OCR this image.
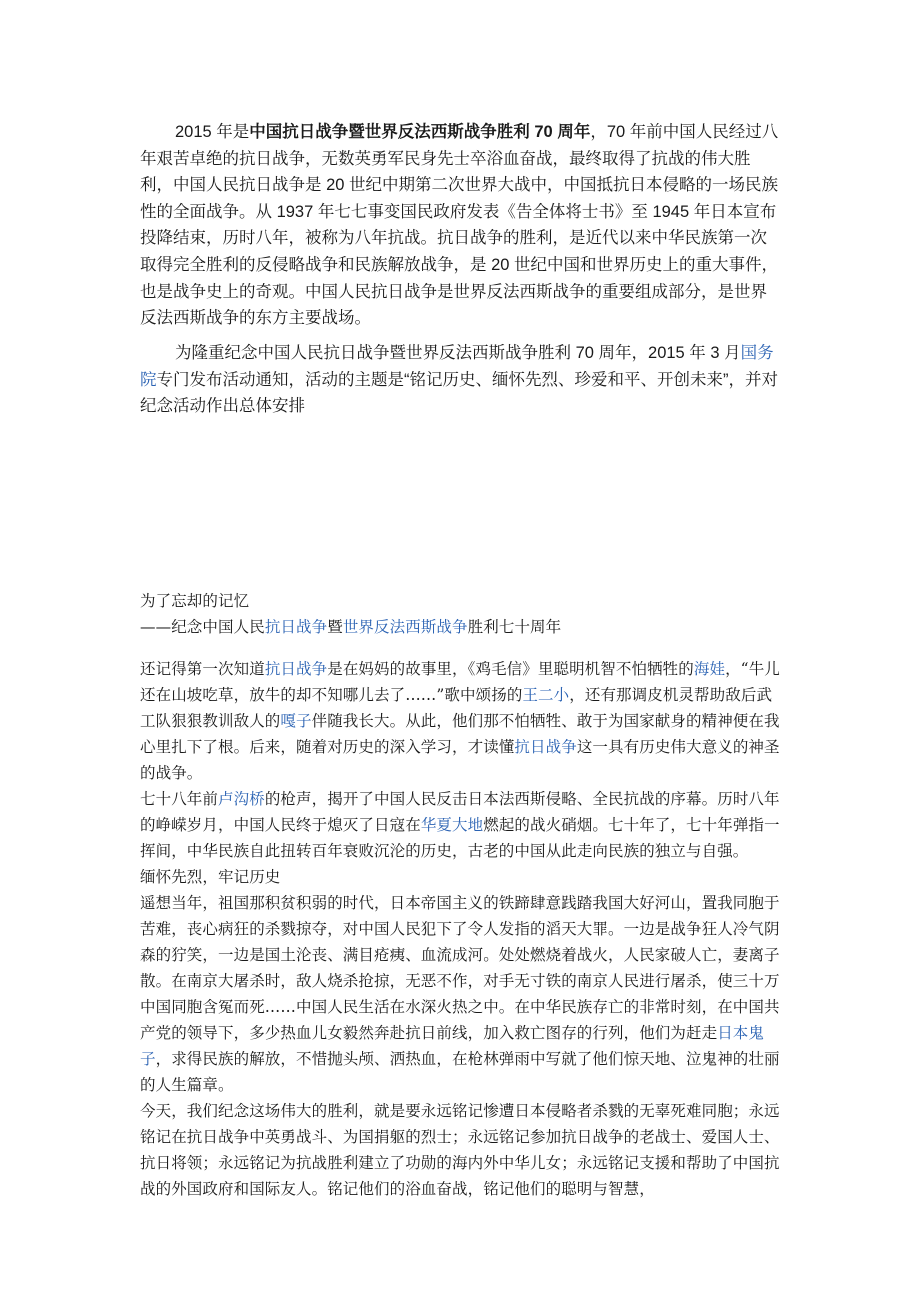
2015 年是中国抗日战争暨世界反法西斯战争胜利 70 周年，70 年前中国人民经过八年艰苦卓绝的抗日战争，无数英勇军民身先士卒浴血奋战，最终取得了抗战的伟大胜利，中国人民抗日战争是 20 世纪中期第二次世界大战中，中国抵抗日本侵略的一场民族性的全面战争。从 1937 年七七事变国民政府发表《告全体将士书》至 1945 年日本宣布投降结束，历时八年，被称为八年抗战。抗日战争的胜利，是近代以来中华民族第一次取得完全胜利的反侵略战争和民族解放战争，是 20 世纪中国和世界历史上的重大事件，也是战争史上的奇观。中国人民抗日战争是世界反法西斯战争的重要组成部分，是世界反法西斯战争的东方主要战场。

为隆重纪念中国人民抗日战争暨世界反法西斯战争胜利 70 周年，2015 年 3 月国务院专门发布活动通知，活动的主题是“铭记历史、缅怀先烈、珍爱和平、开创未来”，并对纪念活动作出总体安排

为了忘却的记忆
——纪念中国人民抗日战争暨世界反法西斯战争胜利七十周年

还记得第一次知道抗日战争是在妈妈的故事里，《鸡毛信》里聪明机智不怕牺牲的海娃，“牛儿还在山坡吃草，放牛的却不知哪儿去了……”歌中颂扬的王二小，还有那调皮机灵帮助敌后武工队狠狠教训敌人的嘎子伴随我长大。从此，他们那不怕牺牲、敢于为国家献身的精神便在我心里扎下了根。后来，随着对历史的深入学习，才读懂抗日战争这一具有历史伟大意义的神圣的战争。

七十八年前卢沟桥的枪声，揭开了中国人民反击日本法西斯侵略、全民抗战的序幕。历时八年的峥嵘岁月，中国人民终于熄灭了日寇在华夏大地燃起的战火硝烟。七十年了，七十年弹指一挥间，中华民族自此扭转百年衰败沉沦的历史，古老的中国从此走向民族的独立与自强。

缅怀先烈，牢记历史

遥想当年，祖国那积贫积弱的时代，日本帝国主义的铁蹄肆意践踏我国大好河山，置我同胞于苦难，丧心病狂的杀戮掠夺，对中国人民犯下了令人发指的滔天大罪。一边是战争狂人冷气阴森的狞笑，一边是国土沦丧、满目疮痍、血流成河。处处燃烧着战火，人民家破人亡，妻离子散。在南京大屠杀时，敌人烧杀抢掠，无恶不作，对手无寸铁的南京人民进行屠杀，使三十万中国同胞含冤而死……中国人民生活在水深火热之中。在中华民族存亡的非常时刻，在中国共产党的领导下，多少热血儿女毅然奔赴抗日前线，加入救亡图存的行列，他们为赶走日本鬼子，求得民族的解放，不惜抛头颅、洒热血，在枪林弹雨中写就了他们惊天地、泣鬼神的壮丽的人生篇章。

今天，我们纪念这场伟大的胜利，就是要永远铭记惨遭日本侵略者杀戮的无辜死难同胞；永远铭记在抗日战争中英勇战斗、为国捐躯的烈士；永远铭记参加抗日战争的老战士、爱国人士、抗日将领；永远铭记为抗战胜利建立了功勋的海内外中华儿女；永远铭记支援和帮助了中国抗战的外国政府和国际友人。铭记他们的浴血奋战，铭记他们的聪明与智慧，
